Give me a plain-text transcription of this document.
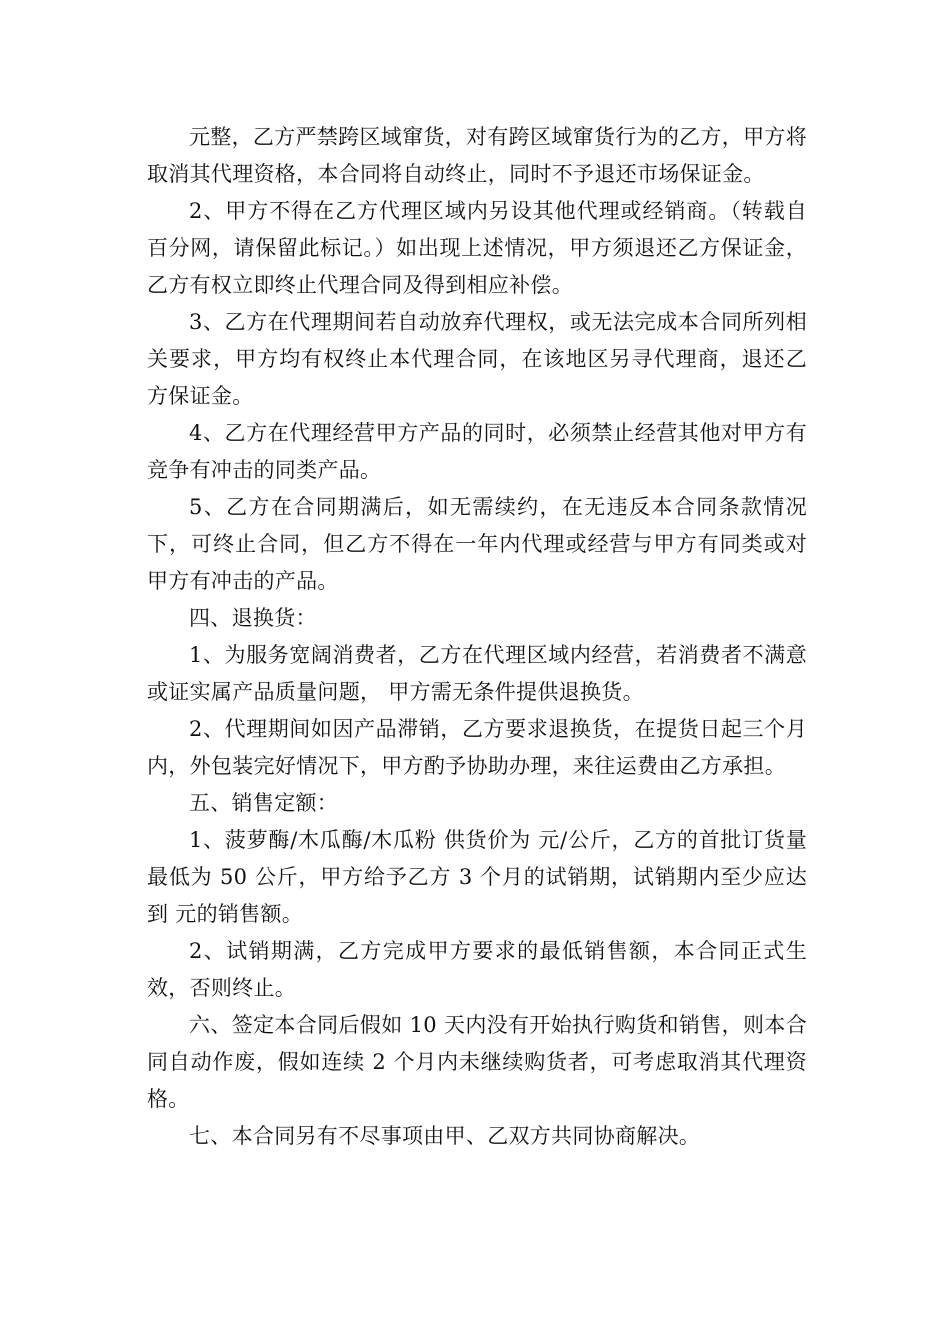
元整，乙方严禁跨区域窜货，对有跨区域窜货行为的乙方，甲方将取消其代理资格，本合同将自动终止，同时不予退还市场保证金。

2、甲方不得在乙方代理区域内另设其他代理或经销商。（转载自百分网，请保留此标记。）如出现上述情况，甲方须退还乙方保证金，乙方有权立即终止代理合同及得到相应补偿。

3、乙方在代理期间若自动放弃代理权，或无法完成本合同所列相关要求，甲方均有权终止本代理合同，在该地区另寻代理商，退还乙方保证金。

4、乙方在代理经营甲方产品的同时，必须禁止经营其他对甲方有竞争有冲击的同类产品。

5、乙方在合同期满后，如无需续约，在无违反本合同条款情况下，可终止合同，但乙方不得在一年内代理或经营与甲方有同类或对甲方有冲击的产品。

四、退换货：

1、为服务宽阔消费者，乙方在代理区域内经营，若消费者不满意或证实属产品质量问题， 甲方需无条件提供退换货。

2、代理期间如因产品滞销，乙方要求退换货，在提货日起三个月内，外包装完好情况下，甲方酌予协助办理，来往运费由乙方承担。

五、销售定额：

1、菠萝酶/木瓜酶/木瓜粉 供货价为 元/公斤，乙方的首批订货量最低为 50 公斤，甲方给予乙方 3 个月的试销期，试销期内至少应达到 元的销售额。

2、试销期满，乙方完成甲方要求的最低销售额，本合同正式生效，否则终止。

六、签定本合同后假如 10 天内没有开始执行购货和销售，则本合同自动作废，假如连续 2 个月内未继续购货者，可考虑取消其代理资格。

七、本合同另有不尽事项由甲、乙双方共同协商解决。
